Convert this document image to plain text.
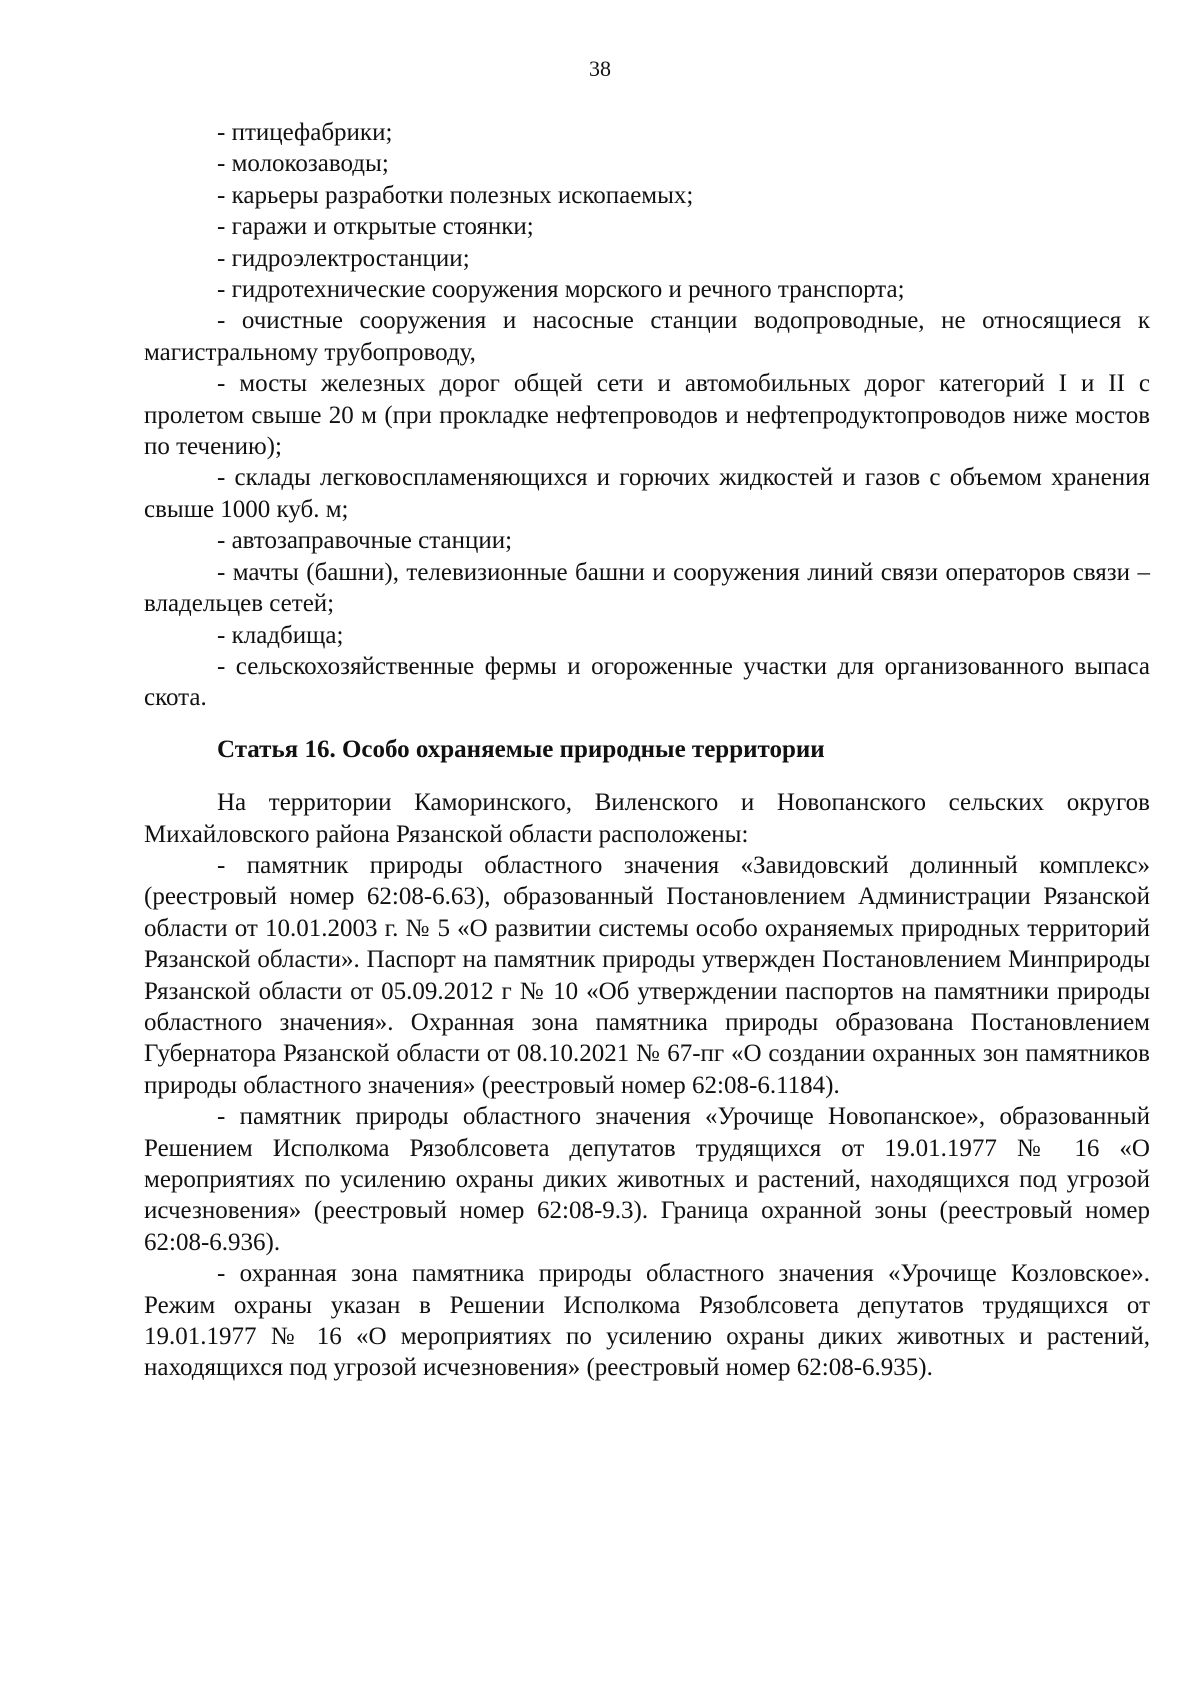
38

- птицефабрики;

- молокозаводы;

- карьеры разработки полезных ископаемых;

- гаражи и открытые стоянки;

- гидроэлектростанции;

- гидротехнические сооружения морского и речного транспорта;

- очистные сооружения и насосные станции водопроводные, не относящиеся к магистральному трубопроводу,

- мосты железных дорог общей сети и автомобильных дорог категорий I и II с пролетом свыше 20 м (при прокладке нефтепроводов и нефтепродуктопроводов ниже мостов по течению);

- склады легковоспламеняющихся и горючих жидкостей и газов с объемом хранения свыше 1000 куб. м;

- автозаправочные станции;

- мачты (башни), телевизионные башни и сооружения линий связи операторов связи – владельцев сетей;

- кладбища;

- сельскохозяйственные фермы и огороженные участки для организованного выпаса скота.

Статья 16. Особо охраняемые природные территории

На территории Каморинского, Виленского и Новопанского сельских округов Михайловского района Рязанской области расположены:

- памятник природы областного значения «Завидовский долинный комплекс» (реестровый номер 62:08-6.63), образованный Постановлением Администрации Рязанской области от 10.01.2003 г. № 5 «О развитии системы особо охраняемых природных территорий Рязанской области». Паспорт на памятник природы утвержден Постановлением Минприроды Рязанской области от 05.09.2012 г № 10 «Об утверждении паспортов на памятники природы областного значения». Охранная зона памятника природы образована Постановлением Губернатора Рязанской области от 08.10.2021 № 67-пг «О создании охранных зон памятников природы областного значения» (реестровый номер 62:08-6.1184).

- памятник природы областного значения «Урочище Новопанское», образованный Решением Исполкома Рязоблсовета депутатов трудящихся от 19.01.1977 № 16 «О мероприятиях по усилению охраны диких животных и растений, находящихся под угрозой исчезновения» (реестровый номер 62:08-9.3). Граница охранной зоны (реестровый номер 62:08-6.936).

- охранная зона памятника природы областного значения «Урочище Козловское». Режим охраны указан в Решении Исполкома Рязоблсовета депутатов трудящихся от 19.01.1977 № 16 «О мероприятиях по усилению охраны диких животных и растений, находящихся под угрозой исчезновения» (реестровый номер 62:08-6.935).
